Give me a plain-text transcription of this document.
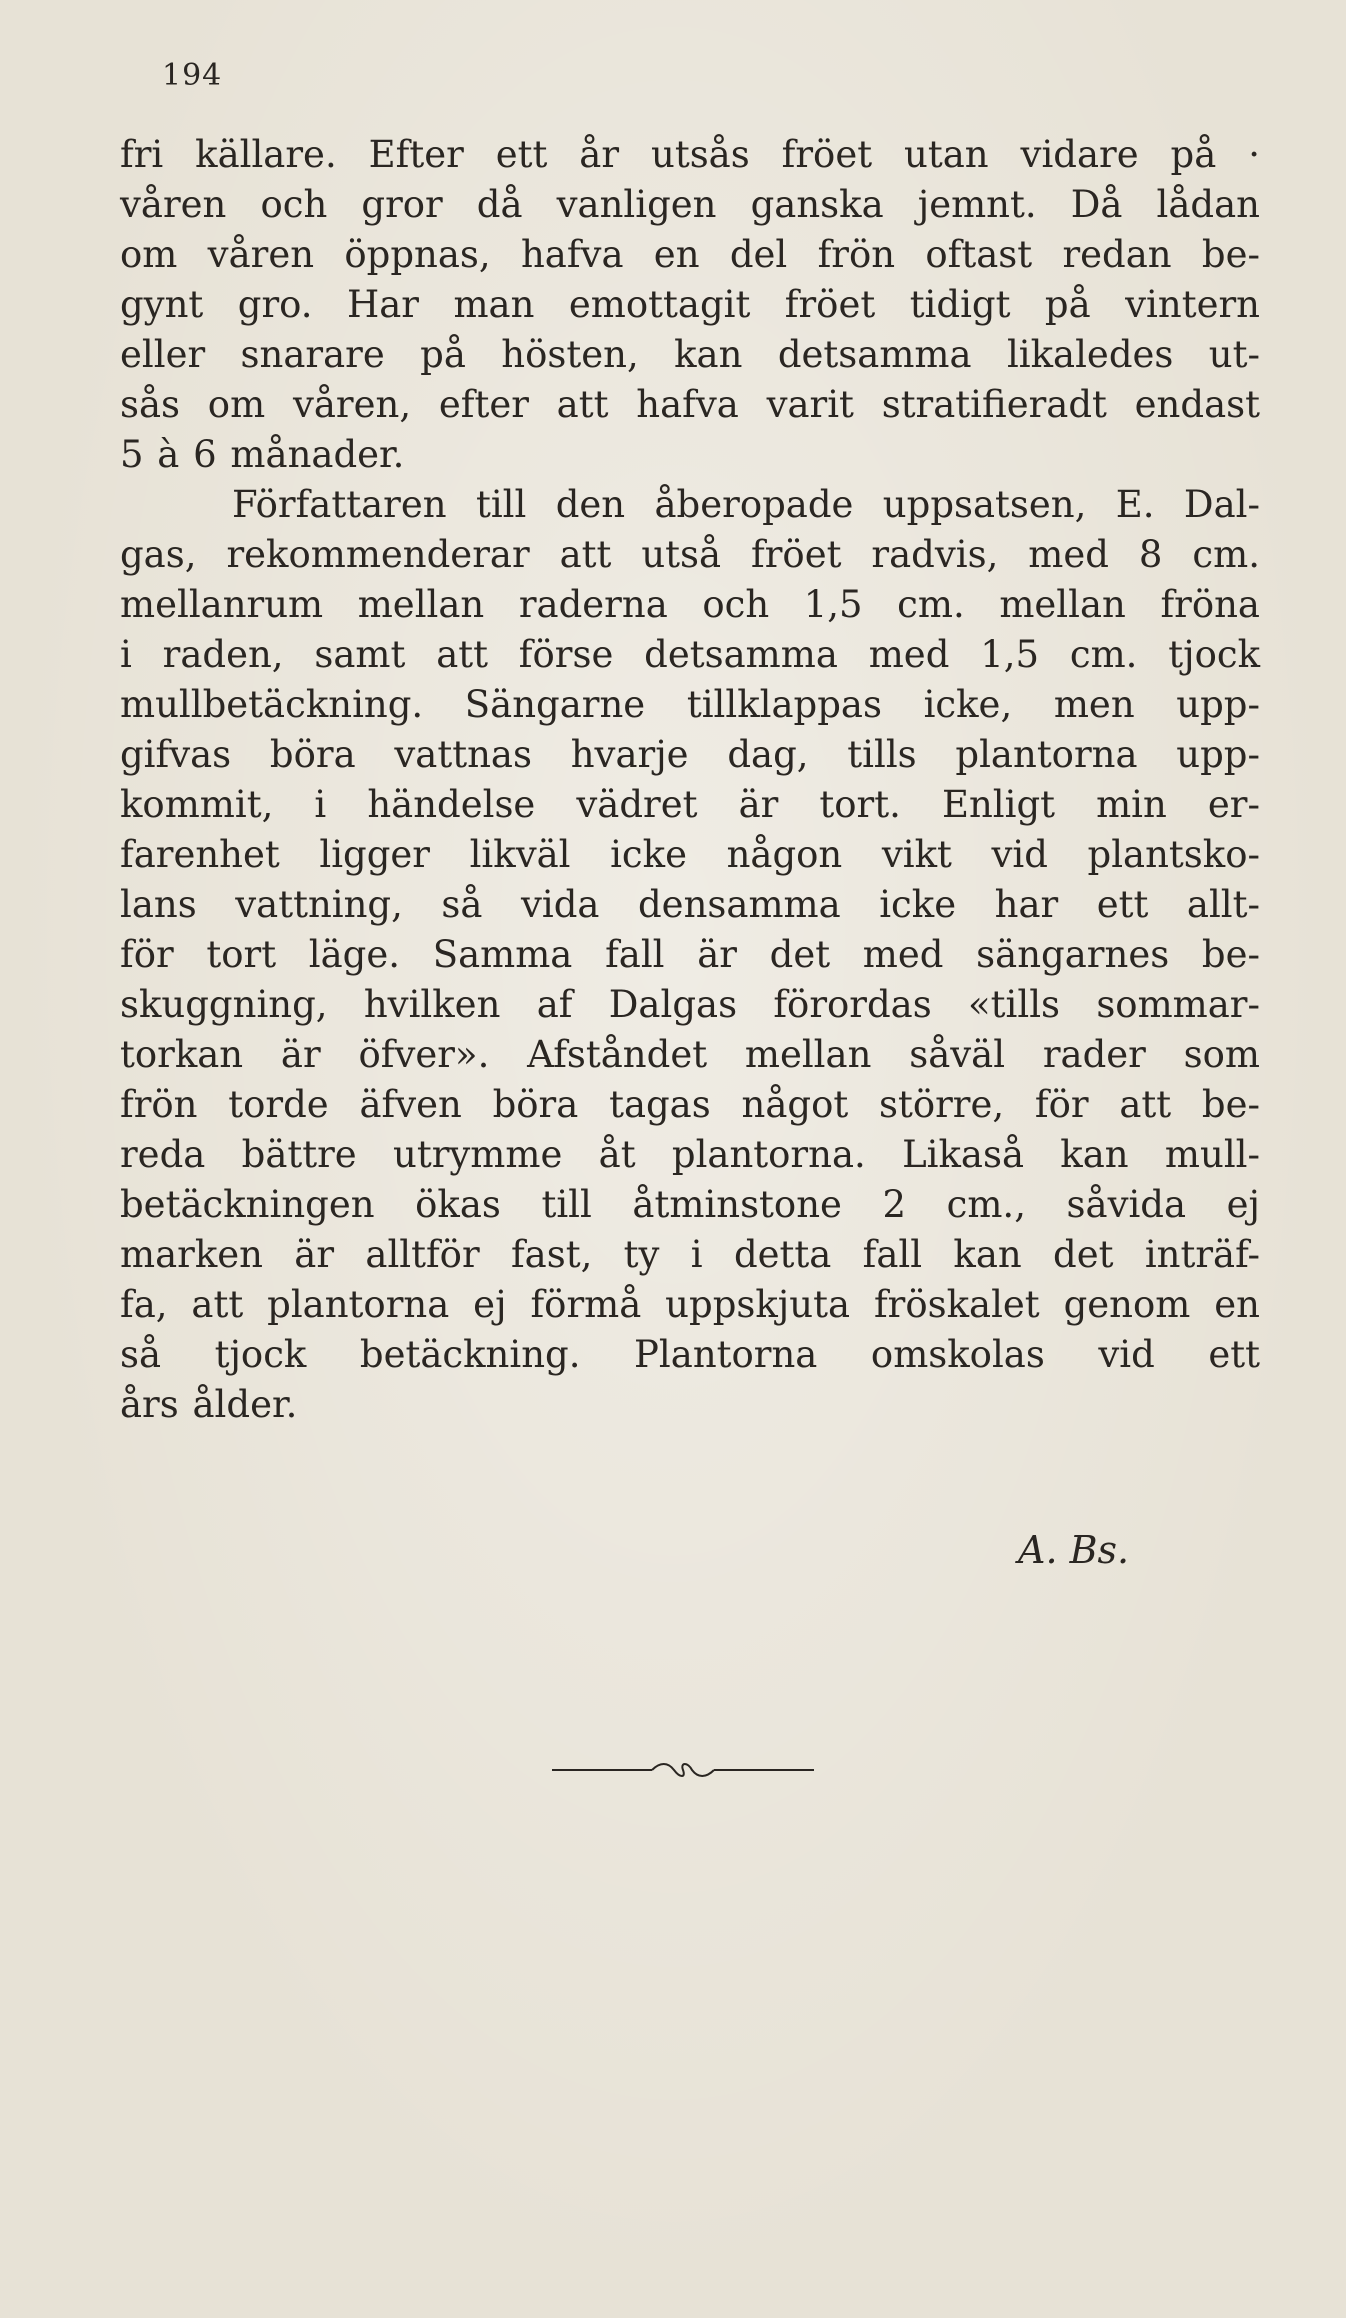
194
fri källare. Efter ett år utsås fröet utan vidare på ·
våren och gror då vanligen ganska jemnt. Då lådan
om våren öppnas, hafva en del frön oftast redan be-
gynt gro. Har man emottagit fröet tidigt på vintern
eller snarare på hösten, kan detsamma likaledes ut-
sås om våren, efter att hafva varit stratifieradt endast
5 à 6 månader.
Författaren till den åberopade uppsatsen, E. Dal-
gas, rekommenderar att utså fröet radvis, med 8 cm.
mellanrum mellan raderna och 1,5 cm. mellan fröna
i raden, samt att förse detsamma med 1,5 cm. tjock
mullbetäckning. Sängarne tillklappas icke, men upp-
gifvas böra vattnas hvarje dag, tills plantorna upp-
kommit, i händelse vädret är tort. Enligt min er-
farenhet ligger likväl icke någon vikt vid plantsko-
lans vattning, så vida densamma icke har ett allt-
för tort läge. Samma fall är det med sängarnes be-
skuggning, hvilken af Dalgas förordas «tills sommar-
torkan är öfver». Afståndet mellan såväl rader som
frön torde äfven böra tagas något större, för att be-
reda bättre utrymme åt plantorna. Likaså kan mull-
betäckningen ökas till åtminstone 2 cm., såvida ej
marken är alltför fast, ty i detta fall kan det inträf-
fa, att plantorna ej förmå uppskjuta fröskalet genom en
så tjock betäckning. Plantorna omskolas vid ett
års ålder.
A. Bs.
